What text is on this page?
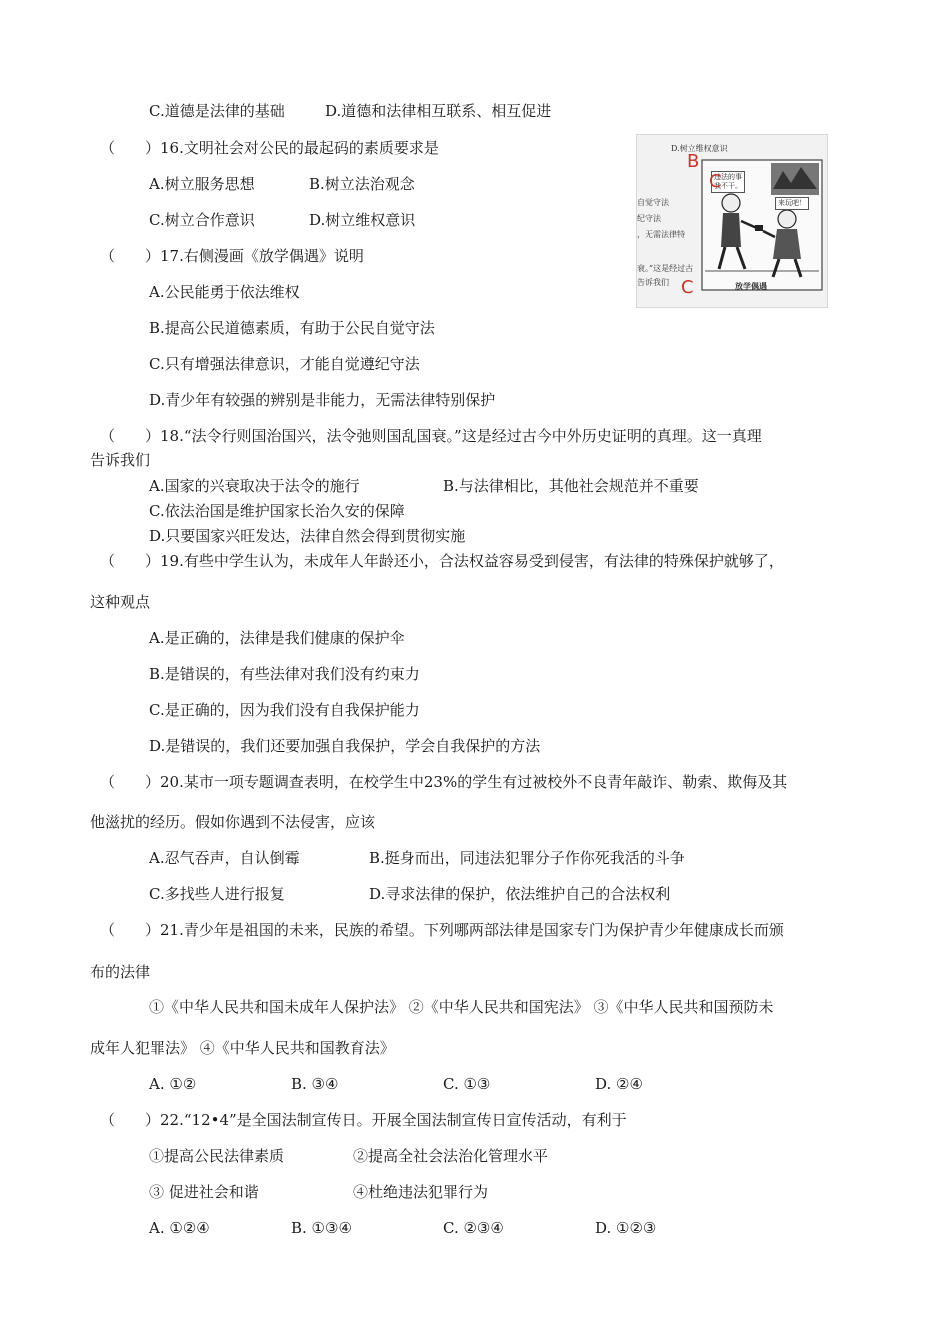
C.道德是法律的基础	D.道德和法律相互联系、相互促进
（　　）16.文明社会对公民的最起码的素质要求是
A.树立服务思想	B.树立法治观念
C.树立合作意识	D.树立维权意识
（　　）17.右侧漫画《放学偶遇》说明
A.公民能勇于依法维权
B.提高公民道德素质，有助于公民自觉守法
C.只有增强法律意识，才能自觉遵纪守法
D.青少年有较强的辨别是非能力，无需法律特别保护
D.树立维权意识
自觉守法
纪守法
，无需法律特
衰。”这是经过古
告诉我们
违法的事
我不干。
来玩吧！
放学偶遇
B
C
C
（　　）18.“法令行则国治国兴，法令弛则国乱国衰。”这是经过古今中外历史证明的真理。这一真理
告诉我们
A.国家的兴衰取决于法令的施行	B.与法律相比，其他社会规范并不重要
C.依法治国是维护国家长治久安的保障
D.只要国家兴旺发达，法律自然会得到贯彻实施
（　　）19.有些中学生认为，未成年人年龄还小，合法权益容易受到侵害，有法律的特殊保护就够了，
这种观点
A.是正确的，法律是我们健康的保护伞
B.是错误的，有些法律对我们没有约束力
C.是正确的，因为我们没有自我保护能力
D.是错误的，我们还要加强自我保护，学会自我保护的方法
（　　）20.某市一项专题调查表明，在校学生中23%的学生有过被校外不良青年敲诈、勒索、欺侮及其
他滋扰的经历。假如你遇到不法侵害，应该
A.忍气吞声，自认倒霉	B.挺身而出，同违法犯罪分子作你死我活的斗争
C.多找些人进行报复	D.寻求法律的保护，依法维护自己的合法权利
（　　）21.青少年是祖国的未来，民族的希望。下列哪两部法律是国家专门为保护青少年健康成长而颁
布的法律
①《中华人民共和国未成年人保护法》 ②《中华人民共和国宪法》 ③《中华人民共和国预防未
成年人犯罪法》 ④《中华人民共和国教育法》
A. ①②	B. ③④	C. ①③	D. ②④
（　　）22.“12•4”是全国法制宣传日。开展全国法制宣传日宣传活动，有利于
①提高公民法律素质	②提高全社会法治化管理水平
③ 促进社会和谐	④杜绝违法犯罪行为
A. ①②④	B. ①③④	C. ②③④	D. ①②③
